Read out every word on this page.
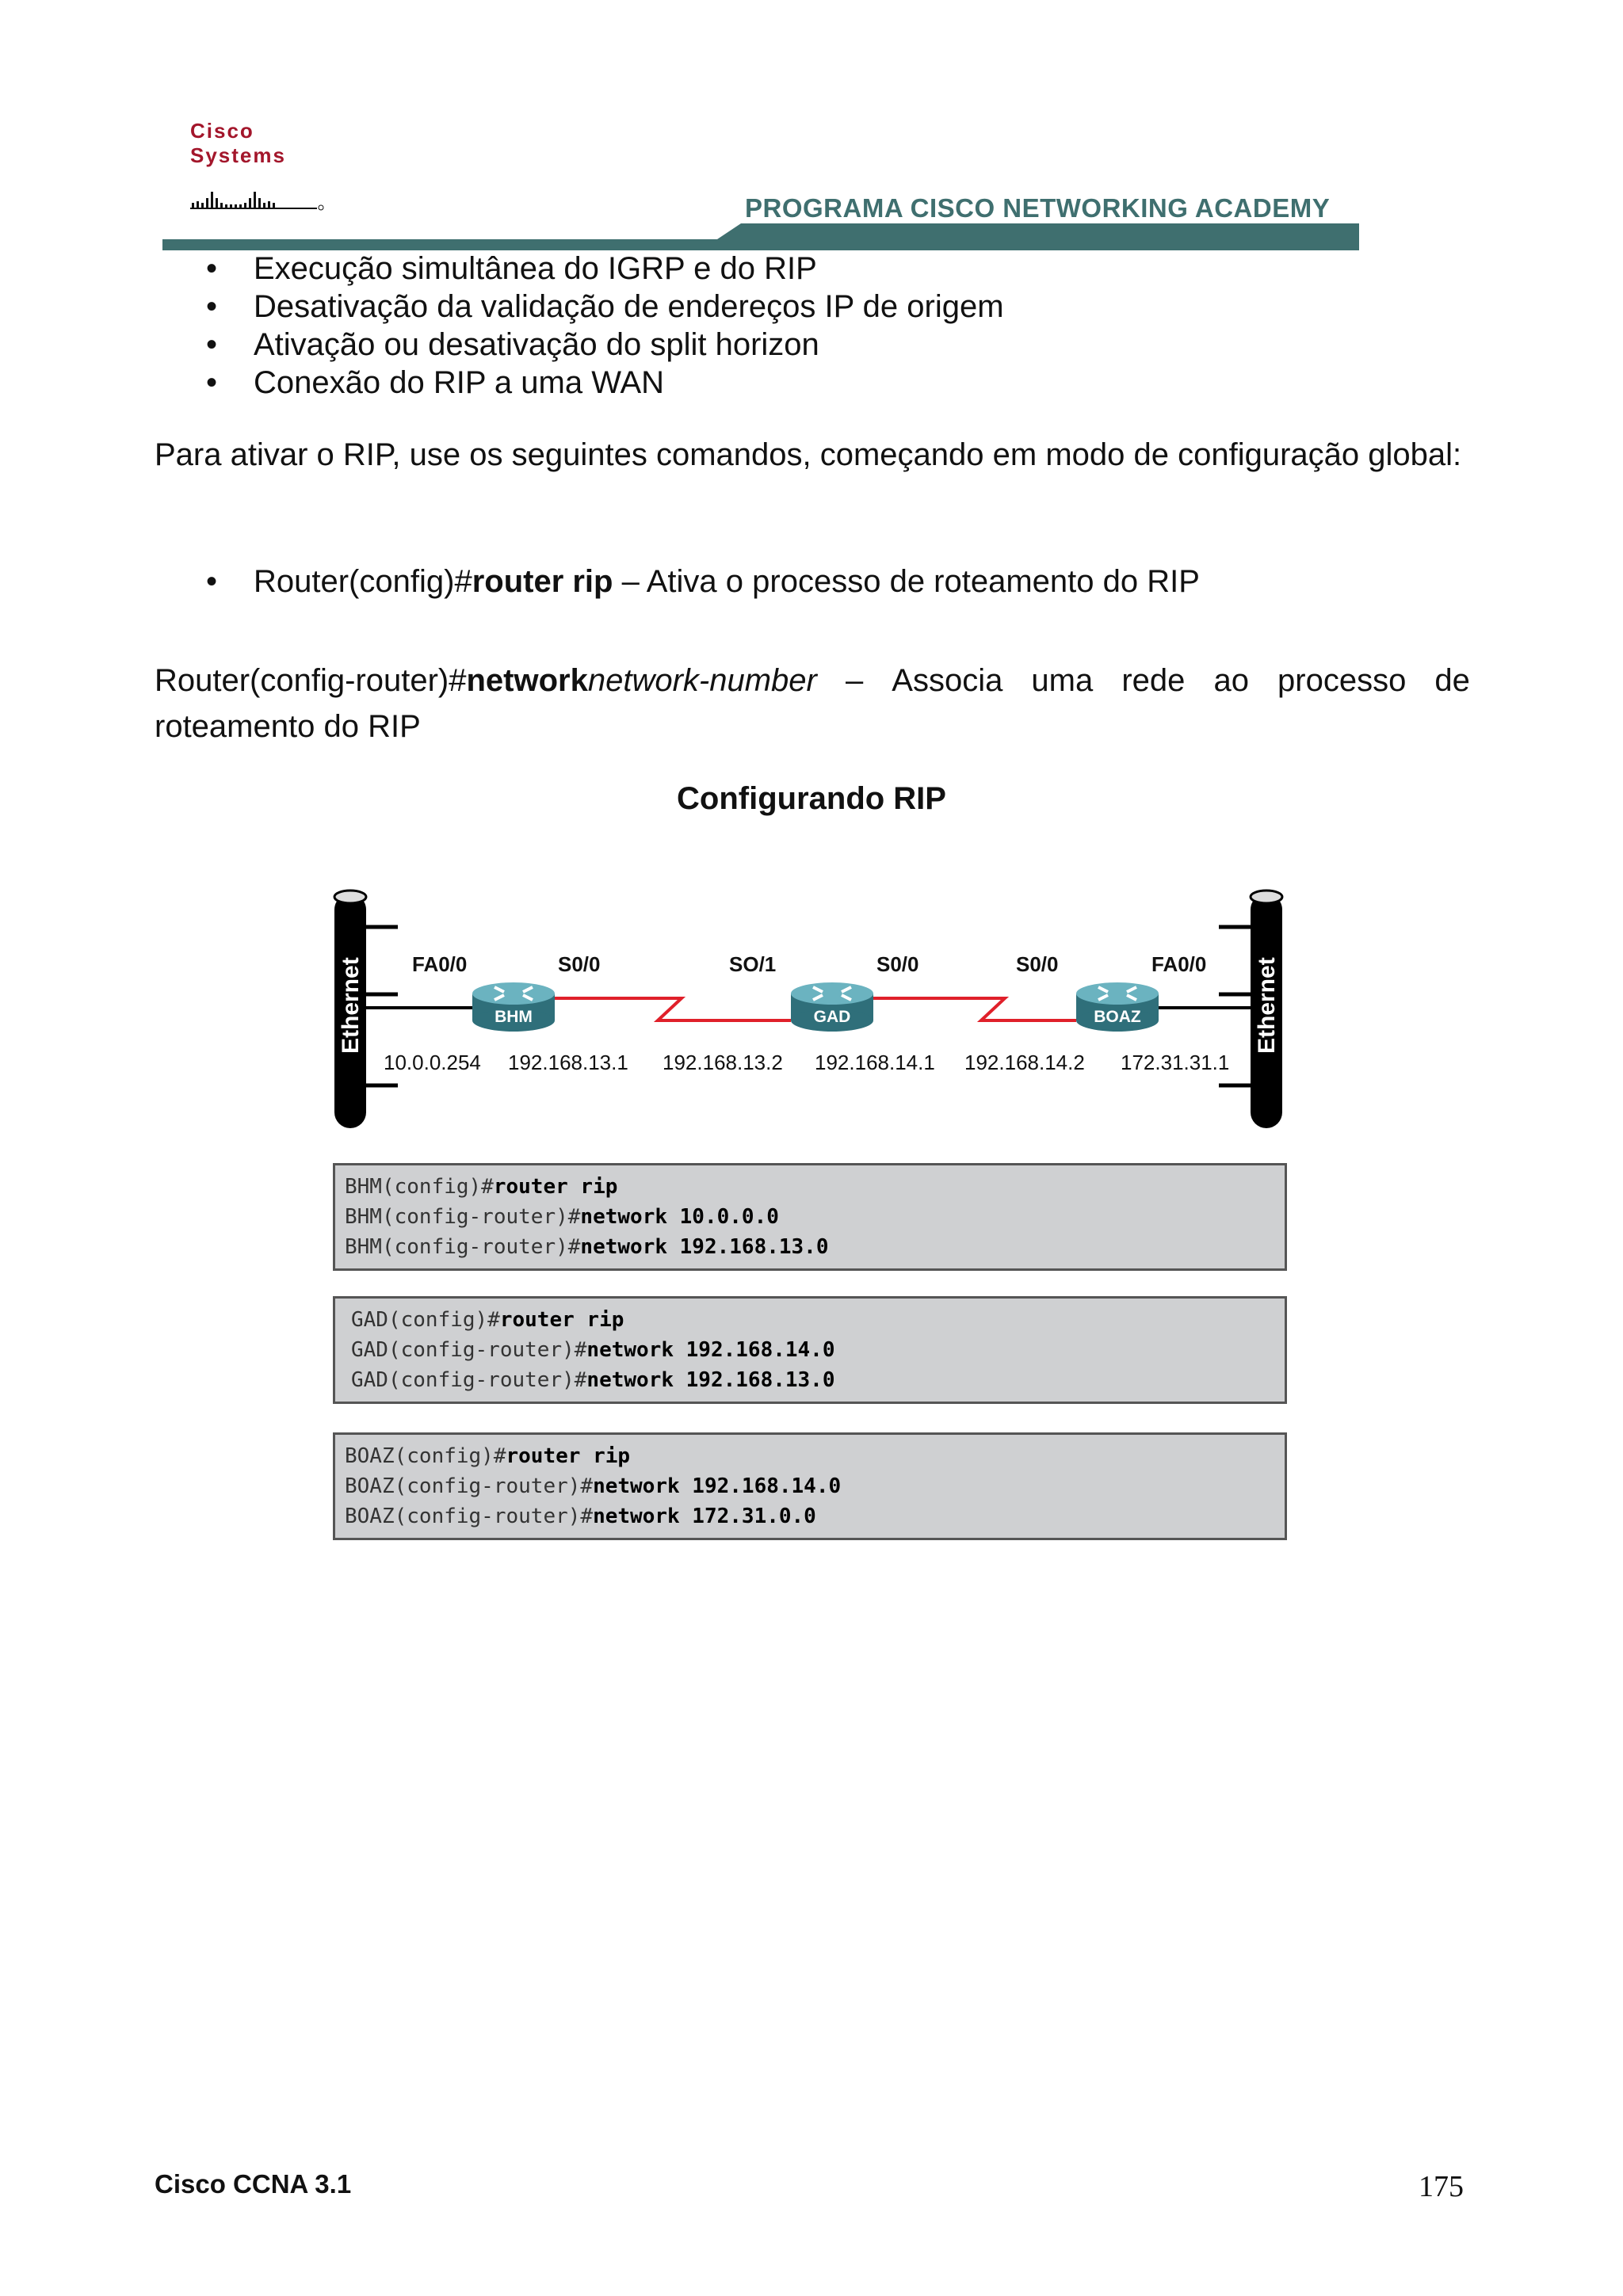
Cisco Systems
PROGRAMA CISCO NETWORKING ACADEMY
• Execução simultânea do IGRP e do RIP
• Desativação da validação de endereços IP de origem
• Ativação ou desativação do split horizon
• Conexão do RIP a uma WAN
Para ativar o RIP, use os seguintes comandos, começando em modo de configuração global:
• Router(config)#router rip – Ativa o processo de roteamento do RIP
Router(config-router)#networknetwork-number – Associa uma rede ao processo de
roteamento do RIP
Configurando RIP
Ethernet	Ethernet
BHM	GAD	BOAZ
FA0/0	S0/0	SO/1	S0/0	S0/0	FA0/0
10.0.0.254 192.168.13.1 192.168.13.2 192.168.14.1 192.168.14.2 172.31.31.1
BHM(config)#router rip
BHM(config-router)#network 10.0.0.0
BHM(config-router)#network 192.168.13.0
GAD(config)#router rip
GAD(config-router)#network 192.168.14.0
GAD(config-router)#network 192.168.13.0
BOAZ(config)#router rip
BOAZ(config-router)#network 192.168.14.0
BOAZ(config-router)#network 172.31.0.0
Cisco CCNA 3.1	175
